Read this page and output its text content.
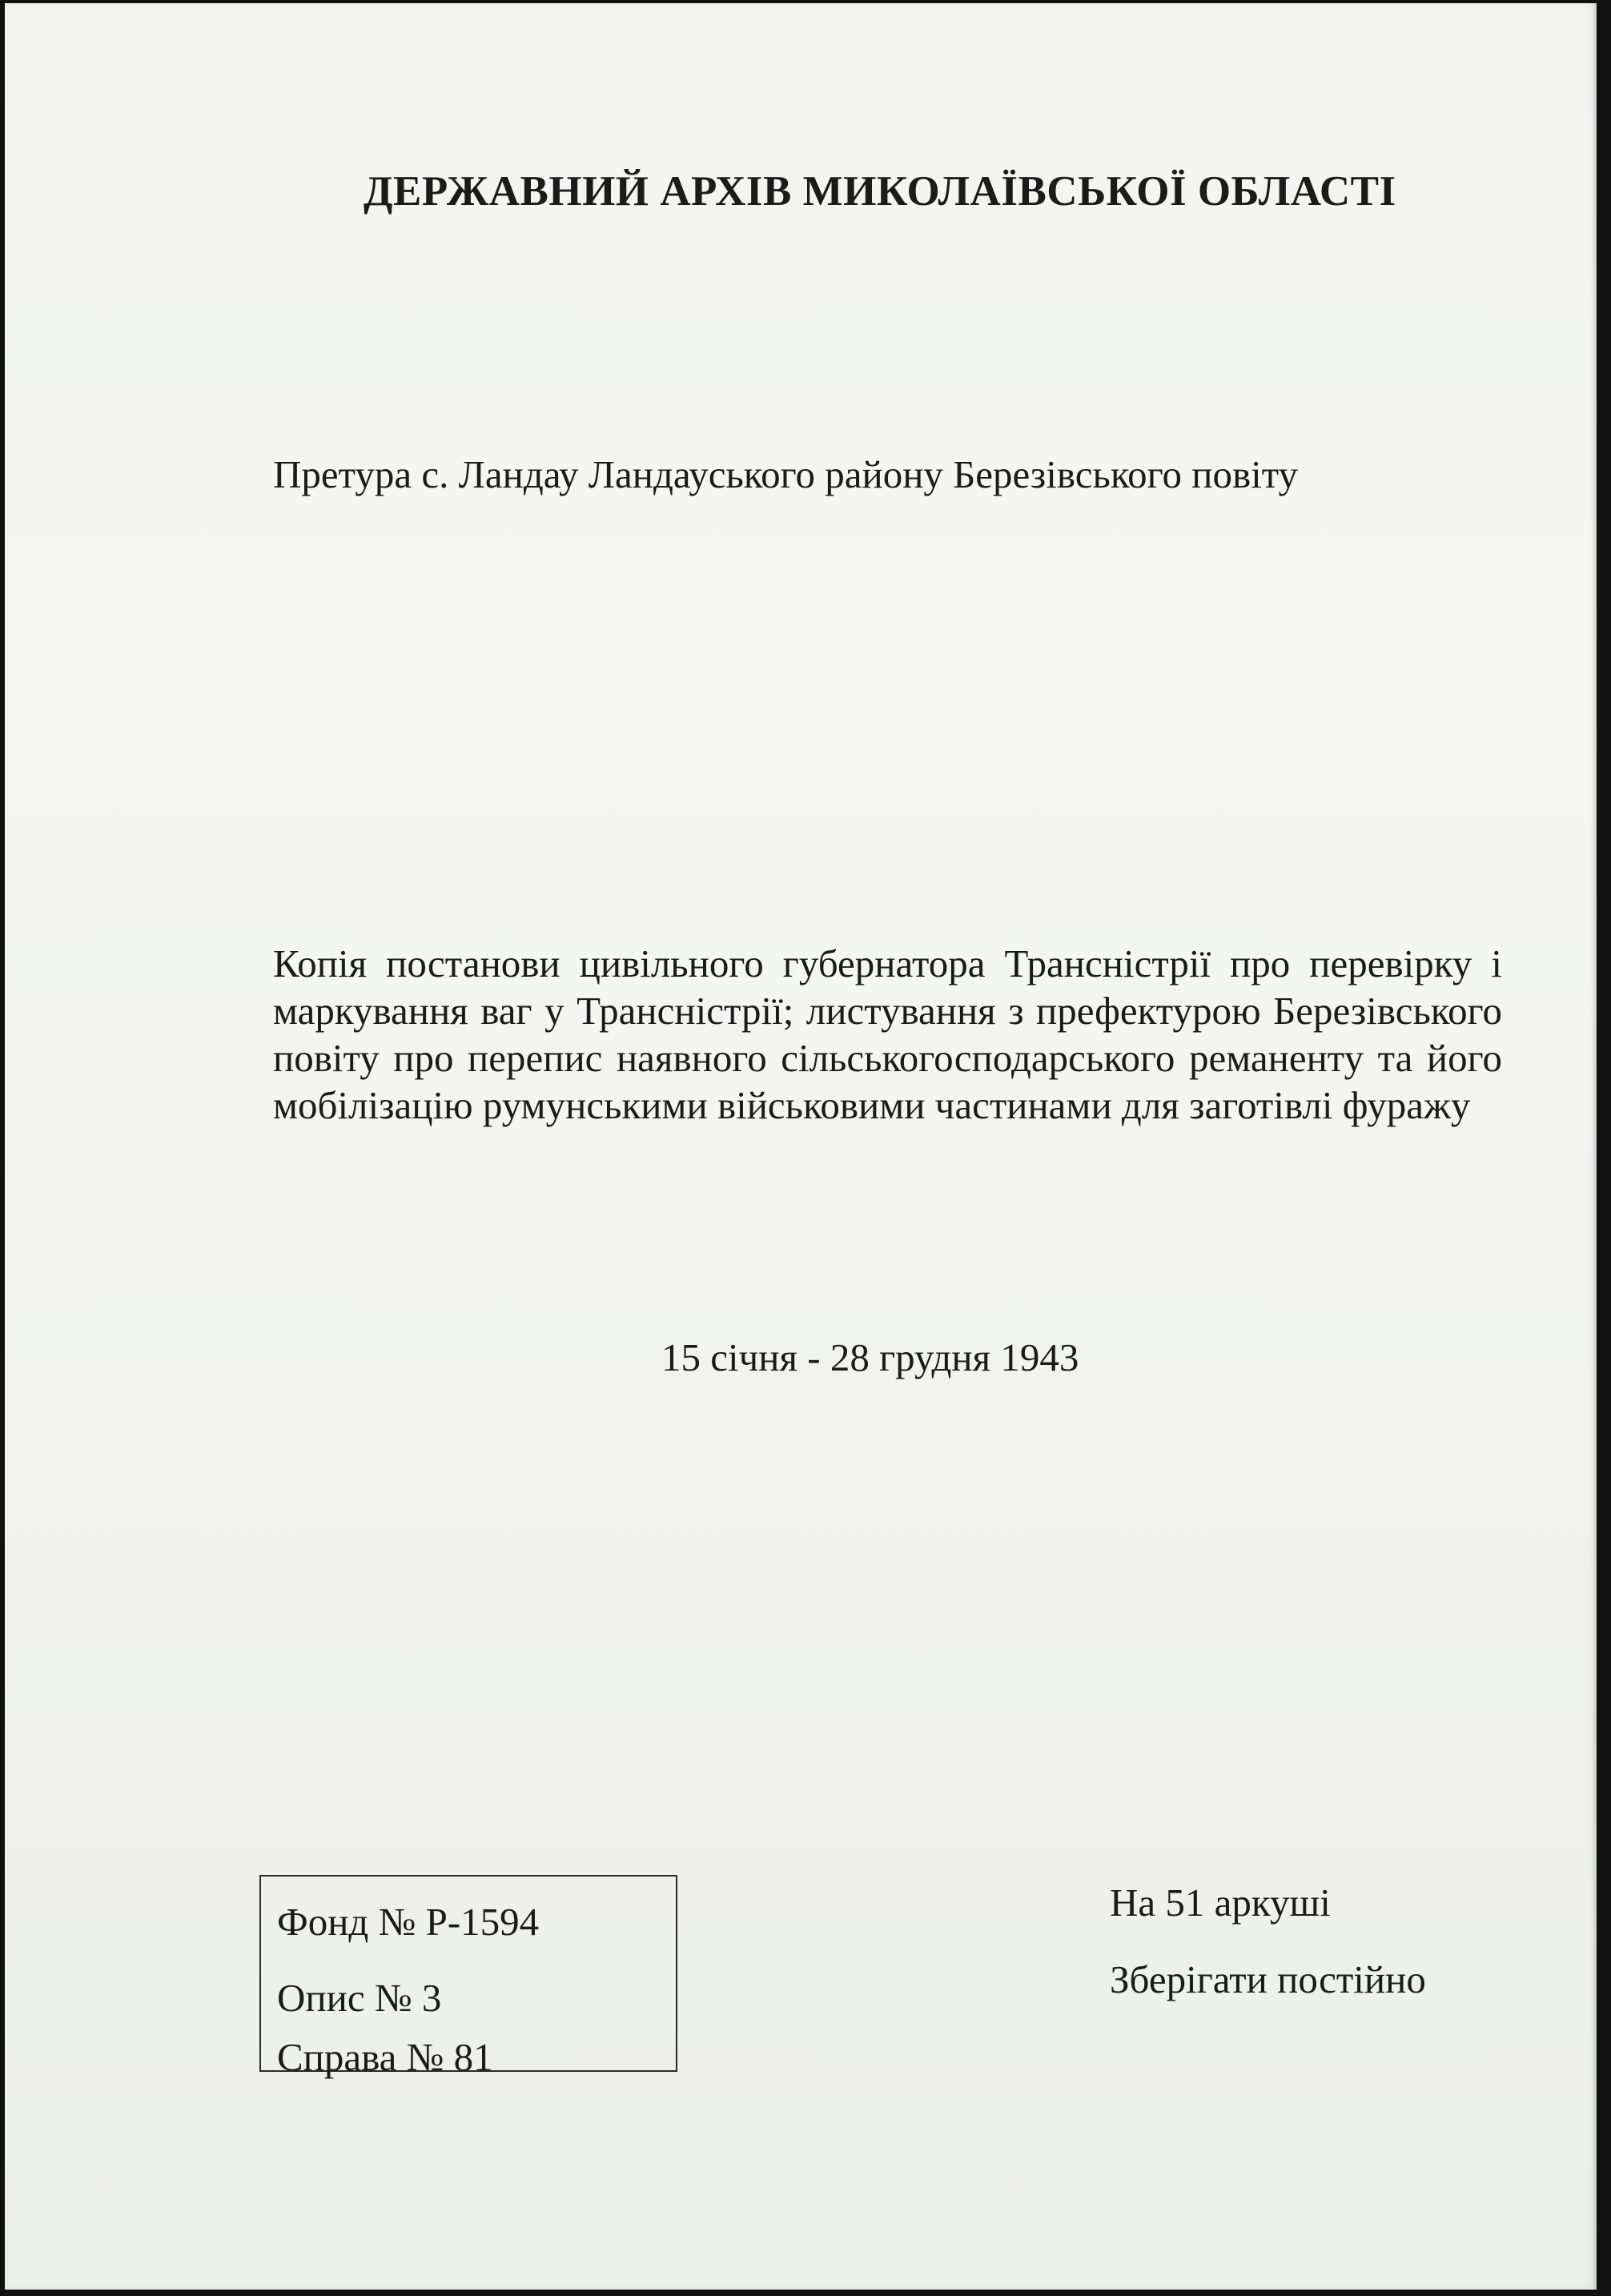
ДЕРЖАВНИЙ АРХІВ МИКОЛАЇВСЬКОЇ ОБЛАСТІ
Претура с. Ландау Ландауського району Березівського повіту
Копія постанови цивільного губернатора Трансністрії про перевірку і маркування ваг у Трансністрії; листування з префектурою Березівського повіту про перепис наявного сільськогосподарського реманенту та його мобілізацію румунськими військовими частинами для заготівлі фуражу
15 січня - 28 грудня 1943
Фонд № Р-1594
Опис № 3
Справа № 81
На 51 аркуші
Зберігати постійно
